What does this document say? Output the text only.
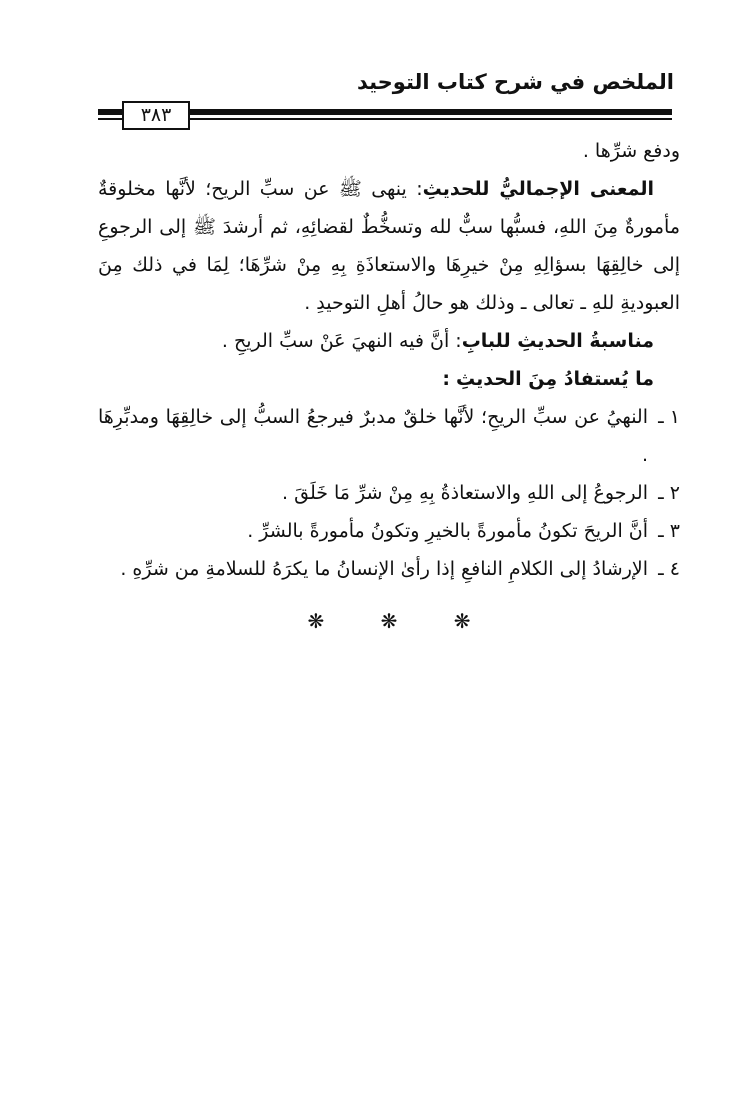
الملخص في شرح كتاب التوحيد
٣٨٣

ودفع شرِّها .

المعنى الإجماليُّ للحديثِ: ينهى ﷺ عن سبِّ الريح؛ لأنَّها مخلوقةٌ مأمورةٌ مِنَ اللهِ، فسبُّها سبٌّ لله وتسخُّطٌ لقضائِهِ، ثم أرشدَ ﷺ إلى الرجوعِ إلى خالِقِهَا بسؤالِهِ مِنْ خيرِهَا والاستعاذَةِ بِهِ مِنْ شرِّهَا؛ لِمَا في ذلك مِنَ العبوديةِ للهِ ـ تعالى ـ وذلك هو حالُ أهلِ التوحيدِ .

مناسبةُ الحديثِ للبابِ: أنَّ فيه النهيَ عَنْ سبِّ الريحِ .

ما يُستفادُ مِنَ الحديثِ :

١ ـ
النهيُ عن سبِّ الريحِ؛ لأنَّها خلقٌ مدبرٌ فيرجعُ السبُّ إلى خالِقِهَا ومدبِّرِهَا .
٢ ـ
الرجوعُ إلى اللهِ والاستعاذةُ بِهِ مِنْ شرِّ مَا خَلَقَ .
٣ ـ
أنَّ الريحَ تكونُ مأمورةً بالخيرِ وتكونُ مأمورةً بالشرِّ .
٤ ـ
الإرشادُ إلى الكلامِ النافعِ إذا رأىٰ الإنسانُ ما يكرَهُ للسلامةِ من شرِّهِ .
❋	❋	❋
